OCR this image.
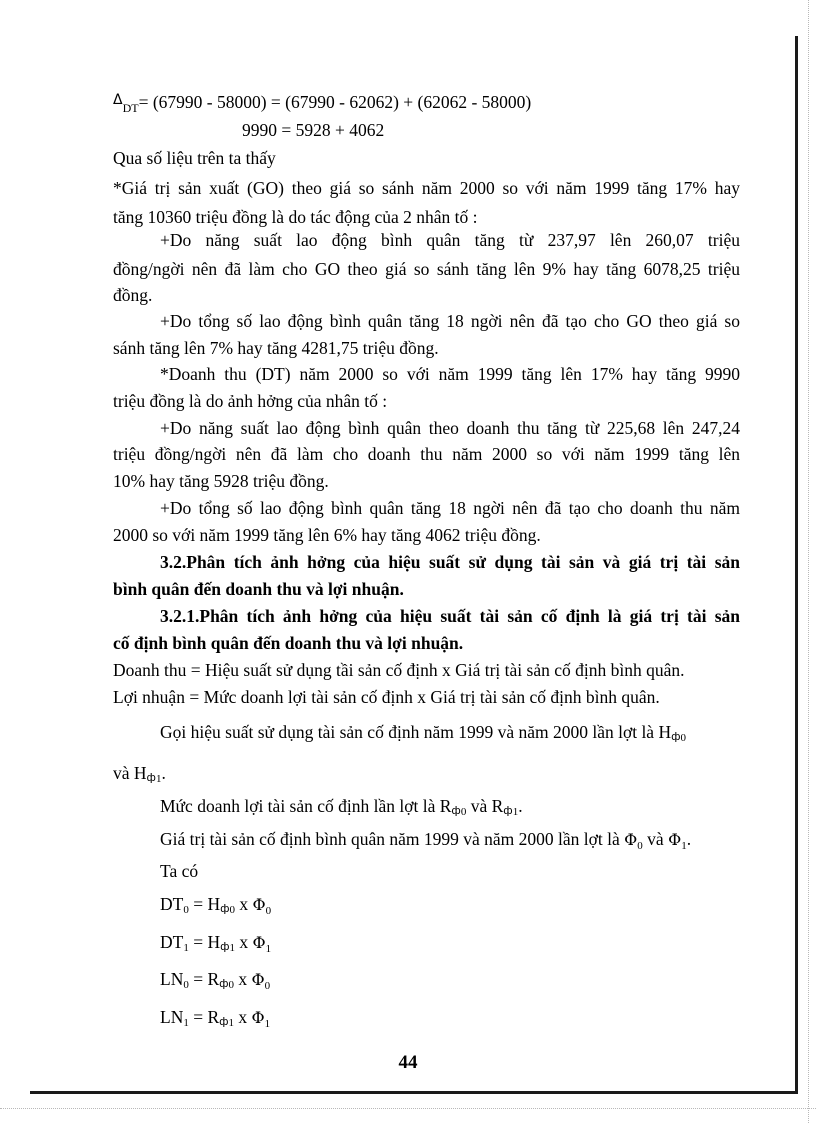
$^\Delta_{DT}$= (67990 - 58000) = (67990 - 62062) + (62062 - 58000)
9990 = 5928 + 4062
Qua số liệu trên ta thấy
*Giá trị sản xuất (GO) theo giá so sánh năm 2000 so với năm 1999 tăng 17% hay
tăng 10360 triệu đồng là do tác động của 2 nhân tố :
+Do năng suất lao động bình quân tăng từ 237,97 lên 260,07 triệu
đồng/ngời nên đã làm cho GO theo giá so sánh tăng lên 9% hay tăng 6078,25 triệu
đồng.
+Do tổng số lao động bình quân tăng 18 ngời nên đã tạo cho GO theo giá so
sánh tăng lên 7% hay tăng 4281,75 triệu đồng.
*Doanh thu (DT) năm 2000 so với năm 1999 tăng lên 17% hay tăng 9990
triệu đồng là do ảnh hởng của nhân tố :
+Do năng suất lao động bình quân theo doanh thu tăng từ 225,68 lên 247,24
triệu đồng/ngời nên đã làm cho doanh thu năm 2000 so với năm 1999 tăng lên
10% hay tăng 5928 triệu đồng.
+Do tổng số lao động bình quân tăng 18 ngời nên đã tạo cho doanh thu năm
2000 so với năm 1999 tăng lên 6% hay tăng 4062 triệu đồng.
3.2.Phân tích ảnh hởng của hiệu suất sử dụng tài sản và giá trị tài sản
bình quân đến doanh thu và lợi nhuận.
3.2.1.Phân tích ảnh hởng của hiệu suất tài sản cố định là giá trị tài sản
cố định bình quân đến doanh thu và lợi nhuận.
Doanh thu = Hiệu suất sử dụng tầi sản cố định x Giá trị tài sản cố định bình quân.
Lợi nhuận = Mức doanh lợi tài sản cố định x Giá trị tài sản cố định bình quân.
Gọi hiệu suất sử dụng tài sản cố định năm 1999 và năm 2000 lần lợt là $Hф_0$
và $Hф_1$.
Mức doanh lợi tài sản cố định lần lợt là $Rф_0$ và $Rф_1$.
Giá trị tài sản cố định bình quân năm 1999 và năm 2000 lần lợt là $\Phi_0$ và $\Phi_1$.
Ta có
$DT_0 = Hф_0$ x $\Phi_0$
$DT_1 = Hф_1$ x $\Phi_1$
$LN_0 = Rф_0$ x $\Phi_0$
$LN_1 = Rф_1$ x $\Phi_1$
44
